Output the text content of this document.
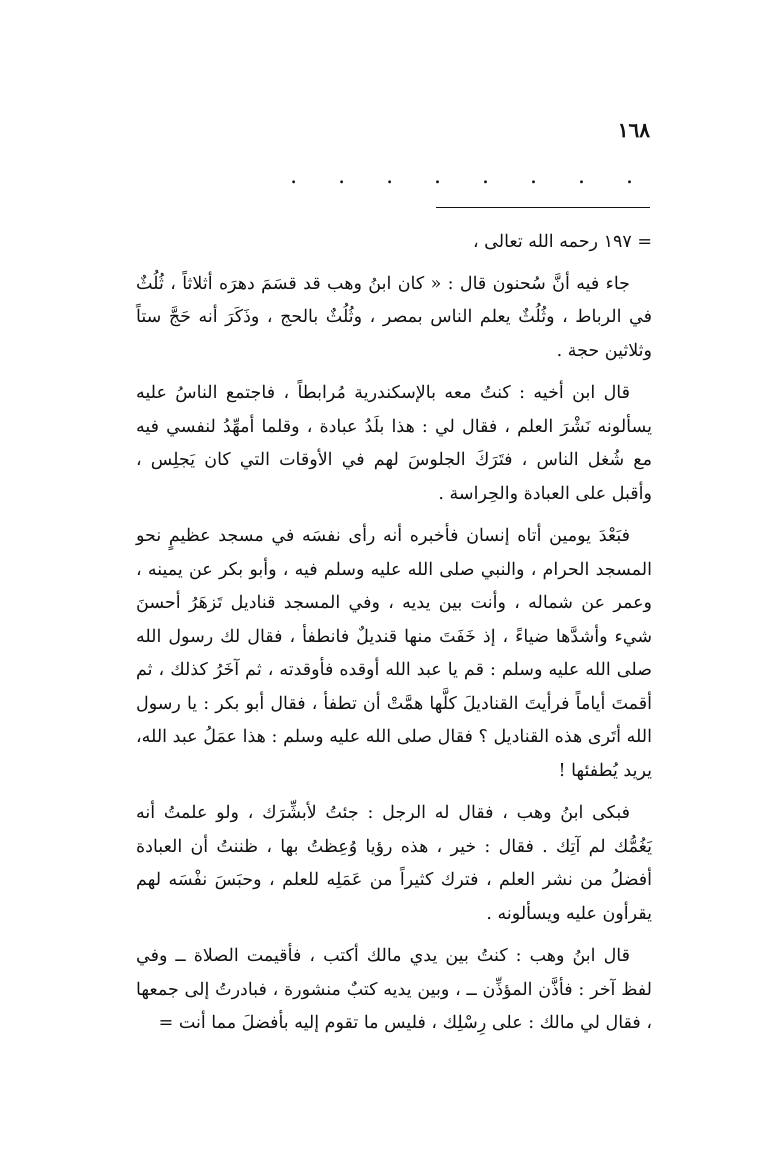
١٦٨
. . . . . . . .

= ١٩٧ رحمه الله تعالى ،

جاء فيه أنَّ سُحنون قال : « كان ابنُ وهب قد قسَمَ دهرَه أثلاثاً ، ثُلُثٌ في الرباط ، وثُلُثٌ يعلم الناس بمصر ، وثُلُثٌ بالحج ، وذَكَرَ أنه حَجَّ ستاً وثلاثين حجة .

قال ابن أخيه : كنتُ معه بالإسكندرية مُرابطاً ، فاجتمع الناسُ عليه يسألونه نَشْرَ العلم ، فقال لي : هذا بلَدُ عبادة ، وقلما أمهِّدُ لنفسي فيه مع شُغل الناس ، فتَرَكَ الجلوسَ لهم في الأوقات التي كان يَجلِس ، وأقبل على العبادة والحِراسة .

فبَعْدَ يومين أتاه إنسان فأخبره أنه رأى نفسَه في مسجد عظيمٍ نحو المسجد الحرام ، والنبي صلى الله عليه وسلم فيه ، وأبو بكر عن يمينه ، وعمر عن شماله ، وأنت بين يديه ، وفي المسجد قناديل تَزهَرُ أحسنَ شيء وأشدَّها ضياءً ، إذ خَفَتَ منها قنديلٌ فانطفأ ، فقال لك رسول الله صلى الله عليه وسلم : قم يا عبد الله أوقده فأوقدته ، ثم آخَرُ كذلك ، ثم أقمتَ أياماً فرأيتَ القناديلَ كلَّها همَّتْ أن تطفأ ، فقال أبو بكر : يا رسول الله أتَرى هذه القناديل ؟ فقال صلى الله عليه وسلم : هذا عمَلُ عبد الله، يريد يُطفئها !

فبكى ابنُ وهب ، فقال له الرجل : جئتُ لأبشِّرَك ، ولو علمتُ أنه يَغُمُّك لم آتِك . فقال : خير ، هذه رؤيا وُعِظتُ بها ، ظننتُ أن العبادة أفضلُ من نشر العلم ، فترك كثيراً من عَمَلِه للعلم ، وحبَسَ نفْسَه لهم يقرأون عليه ويسألونه .

قال ابنُ وهب : كنتُ بين يدي مالك أكتب ، فأقيمت الصلاة ــ وفي لفظ آخر : فأذَّن المؤذِّن ــ ، وبين يديه كتبٌ منشورة ، فبادرتُ إلى جمعها ، فقال لي مالك : على رِسْلِك ، فليس ما تقوم إليه بأفضلَ مما أنت =
